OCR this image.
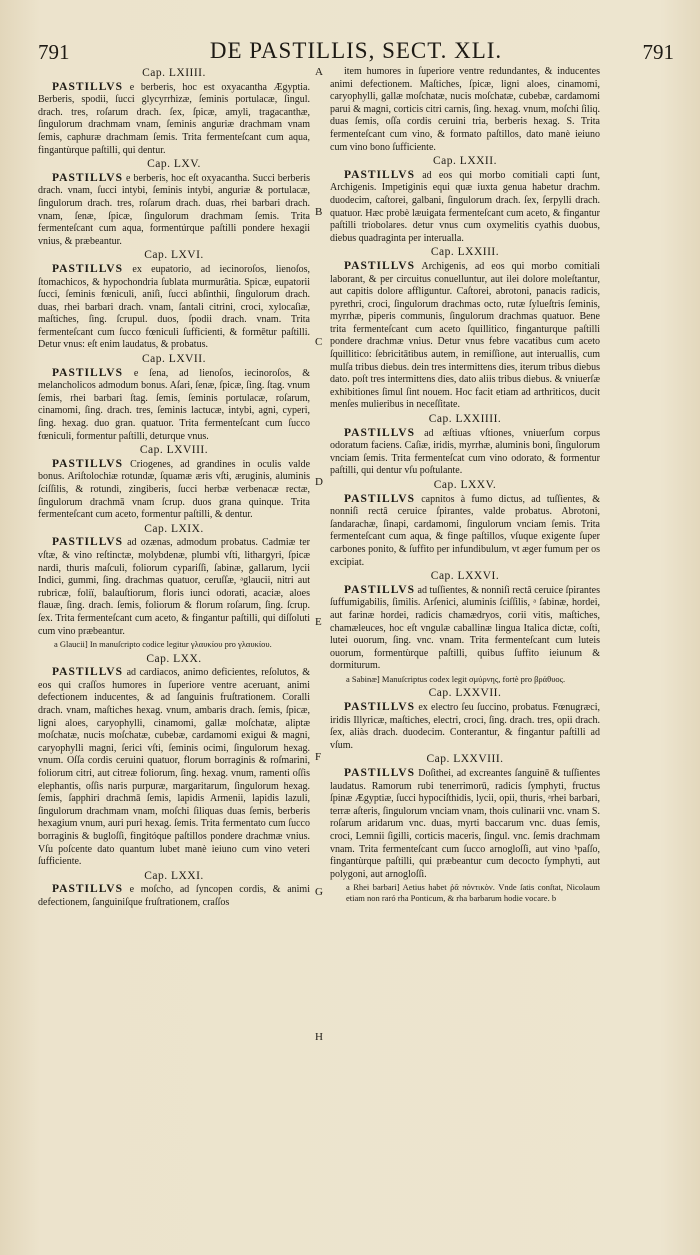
791	DE PASTILLIS, SECT. XLI.	791
Cap. LXIIII.

PASTILLVS e berberis, hoc est oxyacantha Ægyptia. Berberis, spodii, ſucci glycyrrhizæ, ſeminis portulacæ, ſingul. drach. tres, roſarum drach. ſex, ſpicæ, amyli, tragacanthæ, ſingulorum drachmam vnam, ſeminis anguriæ drachmam vnam ſemis, caphuræ drachmam ſemis. Trita fermenteſcant cum aqua, fingantùrque paſtilli, qui dentur.

Cap. LXV.

PASTILLVS e berberis, hoc eſt oxyacantha. Succi berberis drach. vnam, ſucci intybi, ſeminis intybi, anguriæ & portulacæ, ſingulorum drach. tres, roſarum drach. duas, rhei barbari drach. vnam, ſenæ, ſpicæ, ſingulorum drachmam ſemis. Trita fermenteſcant cum aqua, formentúrque paſtilli pondere hexagii vnius, & præbeantur.

Cap. LXVI.

PASTILLVS ex eupatorio, ad iecinoroſos, lienoſos, ſtomachicos, & hypochondria ſublata murmurâtia. Spicæ, eupatorii ſucci, ſeminis fœniculi, aniſi, ſucci abſinthii, ſingulorum drach. duas, rhei barbari drach. vnam, ſantali citrini, croci, xylocaſiæ, maſtiches, ſing. ſcrupul. duos, ſpodii drach. vnam. Trita fermenteſcant cum ſucco fœniculi ſufficienti, & formētur paſtilli. Detur vnus: eſt enim laudatus, & probatus.

Cap. LXVII.

PASTILLVS e ſena, ad lienoſos, iecinoroſos, & melancholicos admodum bonus. Aſari, ſenæ, ſpicæ, ſing. ſtag. vnum ſemis, rhei barbari ſtag. ſemis, ſeminis portulacæ, roſarum, cinamomi, ſing. drach. tres, ſeminis lactucæ, intybi, agni, cyperi, ſing. hexag. duo gran. quatuor. Trita fermenteſcant cum ſucco fœniculi, formentur paſtilli, deturque vnus.

Cap. LXVIII.

PASTILLVS Criogenes, ad grandines in oculis valde bonus. Ariſtolochiæ rotundæ, ſquamæ æris vſti, æruginis, aluminis ſciſſilis, & rotundi, zingiberis, ſucci herbæ verbenacæ rectæ, ſingulorum drachmā vnam ſcrup. duos grana quinque. Trita fermenteſcant cum aceto, formentur paſtilli, & dentur.

Cap. LXIX.

PASTILLVS ad ozænas, admodum probatus. Cadmiæ ter vſtæ, & vino reſtinctæ, molybdenæ, plumbi vſti, lithargyri, ſpicæ nardi, thuris maſculi, foliorum cypariſſi, ſabinæ, gallarum, lycii Indici, gummi, ſing. drachmas quatuor, ceruſſæ, ᵃglaucii, nitri aut rubricæ, foliï, balauſtiorum, floris iunci odorati, acaciæ, aloes flauæ, ſing. drach. ſemis, foliorum & florum roſarum, ſing. ſcrup. ſex. Trita fermenteſcant cum aceto, & fingantur paſtilli, qui diſſoluti cum vino præbeantur.

a Glaucii] In manuſcripto codice legitur γλαυκίου pro γλαυκίου.
Cap. LXX.

PASTILLVS ad cardiacos, animo deficientes, reſolutos, & eos qui craſſos humores in ſuperiore ventre aceruant, animi defectionem inducentes, & ad ſanguinis fruſtrationem. Coralli drach. vnam, maſtiches hexag. vnum, ambaris drach. ſemis, ſpicæ, ligni aloes, caryophylli, cinamomi, gallæ moſchatæ, aliptæ moſchatæ, nucis moſchatæ, cubebæ, cardamomi exigui & magni, caryophylli magni, ſerici vſti, ſeminis ocimi, ſingulorum hexag. vnum. Oſſa cordis ceruini quatuor, florum borraginis & roſmarini, foliorum citri, aut citreæ foliorum, ſing. hexag. vnum, ramenti oſſis elephantis, oſſis naris purpuræ, margaritarum, ſingulorum hexag. ſemis, ſapphiri drachmā ſemis, lapidis Armenii, lapidis lazuli, ſingulorum drachmam vnam, moſchi ſiliquas duas ſemis, berberis hexagium vnum, auri puri hexag. ſemis. Trita fermentato cum ſucco borraginis & bugloſſi, fingitóque paſtillos pondere drachmæ vnius. Vſu poſcente dato quantum lubet manè ieiuno cum vino veteri ſufficiente.

Cap. LXXI.

PASTILLVS e moſcho, ad ſyncopen cordis, & animi defectionem, ſanguiniſque fruſtrationem, craſſos

A
B
C
D
E
F
G
H

item humores in ſuperiore ventre redundantes, & inducentes animi defectionem. Maſtiches, ſpicæ, ligni aloes, cinamomi, caryophylli, gallæ moſchatæ, nucis moſchatæ, cubebæ, cardamomi parui & magni, corticis citri carnis, ſing. hexag. vnum, moſchi ſiliq. duas ſemis, oſſa cordis ceruini tria, berberis hexag. S. Trita fermenteſcant cum vino, & formato paſtillos, dato manè ieiuno cum vino bono ſufficiente.

Cap. LXXII.

PASTILLVS ad eos qui morbo comitiali capti ſunt, Archigenis. Impetiginis equi quæ iuxta genua habetur drachm. duodecim, caſtorei, galbani, ſingulorum drach. ſex, ſerpylli drach. quatuor. Hæc probè læuigata fermenteſcant cum aceto, & fingantur paſtilli triobolares. detur vnus cum oxymelitis cyathis duobus, diebus quadraginta per interualla.

Cap. LXXIII.

PASTILLVS Archigenis, ad eos qui morbo comitiali laborant, & per circuitus conuelluntur, aut ilei dolore moleſtantur, aut capitis dolore affliguntur. Caſtorei, abrotoni, panacis radicis, pyrethri, croci, ſingulorum drachmas octo, rutæ ſylueſtris ſeminis, myrrhæ, piperis communis, ſingulorum drachmas quatuor. Bene trita fermenteſcant cum aceto ſquillitico, finganturque paſtilli pondere drachmæ vnius. Detur vnus febre vacatibus cum aceto ſquillitico: ſebricitātibus autem, in remiſſione, aut interuallis, cum mulſa tribus diebus. dein tres intermittens dies, iterum tribus diebus dato. poſt tres intermittens dies, dato aliis tribus diebus. & vniuerſæ exhibitiones ſimul ſint nouem. Hoc facit etiam ad arthriticos, ducit menſes mulieribus in neceſſitate.

Cap. LXXIIII.

PASTILLVS ad æſtiuas vſtiones, vniuerſum corpus odoratum faciens. Caſiæ, iridis, myrrhæ, aluminis boni, ſingulorum vnciam ſemis. Trita fermenteſcat cum vino odorato, & formentur paſtilli, qui dentur vſu poſtulante.

Cap. LXXV.

PASTILLVS capnitos à fumo dictus, ad tuſſientes, & nonniſi rectâ ceruice ſpirantes, valde probatus. Abrotoni, ſandarachæ, ſinapi, cardamomi, ſingulorum vnciam ſemis. Trita fermenteſcant cum aqua, & finge paſtillos, vſuque exigente ſuper carbones ponito, & ſuffito per infundibulum, vt æger fumum per os excipiat.

Cap. LXXVI.

PASTILLVS ad tuſſientes, & nonniſi rectâ ceruice ſpirantes ſuffumigabilis, ſimilis. Arſenici, aluminis ſciſſilis, ᵃ ſabinæ, hordei, aut farinæ hordei, radicis chamædryos, corii vitis, maſtiches, chamæleuces, hoc eſt vngulæ caballinæ lingua Italica dictæ, coſti, lutei ouorum, ſing. vnc. vnam. Trita fermenteſcant cum luteis ouorum, formentùrque paſtilli, quibus ſuffito ieiunum & dormiturum.

a Sabinæ] Manuſcriptus codex legit σμύρνης, fortè pro βράθυος.
Cap. LXXVII.

PASTILLVS ex electro ſeu ſuccino, probatus. Fœnugræci, iridis Illyricæ, maſtiches, electri, croci, ſing. drach. tres, opii drach. ſex, aliàs drach. duodecim. Conterantur, & fingantur paſtilli ad vſum.

Cap. LXXVIII.

PASTILLVS Doſithei, ad excreantes ſanguinē & tuſſientes laudatus. Ramorum rubi tenerrimorū, radicis ſymphyti, fructus ſpinæ Ægyptiæ, ſucci hypociſthidis, lycii, opii, thuris, ᵃrhei barbari, terræ aſteris, ſingulorum vnciam vnam, thois culinarii vnc. vnam S. roſarum aridarum vnc. duas, myrti baccarum vnc. duas ſemis, croci, Lemnii ſigilli, corticis maceris, ſingul. vnc. ſemis drachmam vnam. Trita fermenteſcant cum ſucco arnogloſſi, aut vino ᵇpaſſo, fingantùrque paſtilli, qui præbeantur cum decocto ſymphyti, aut polygoni, aut arnogloſſi.

a Rhei barbari] Aetius habet ῥᾶ πόντικὸν. Vnde ſatis conſtat, Nicolaum etiam non raró rha Ponticum, & rha barbarum hodie vocare. b
